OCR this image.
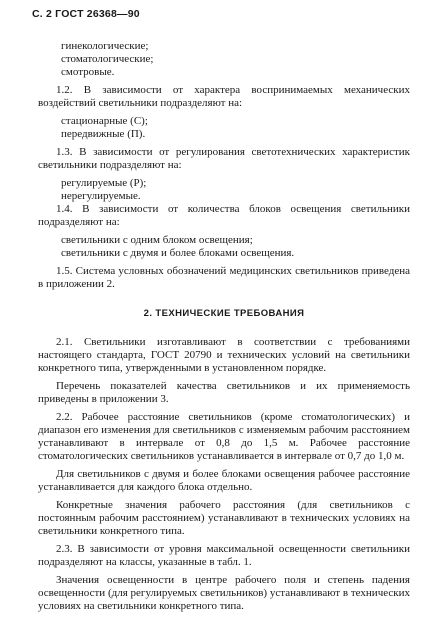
С. 2 ГОСТ 26368—90

гинекологические;

стоматологические;

смотровые.

1.2. В зависимости от характера воспринимаемых механических воздействий светильники подразделяют на:

стационарные (С);

передвижные (П).

1.3. В зависимости от регулирования светотехнических характеристик светильники подразделяют на:

регулируемые (Р);

нерегулируемые.

1.4. В зависимости от количества блоков освещения светильники подразделяют на:

светильники с одним блоком освещения;

светильники с двумя и более блоками освещения.

1.5. Система условных обозначений медицинских светильников приведена в приложении 2.

2. ТЕХНИЧЕСКИЕ ТРЕБОВАНИЯ

2.1. Светильники изготавливают в соответствии с требованиями настоящего стандарта, ГОСТ 20790 и технических условий на светильники конкретного типа, утвержденными в установленном порядке.

Перечень показателей качества светильников и их применяемость приведены в приложении 3.

2.2. Рабочее расстояние светильников (кроме стоматологических) и диапазон его изменения для светильников с изменяемым рабочим расстоянием устанавливают в интервале от 0,8 до 1,5 м. Рабочее расстояние стоматологических светильников устанавливается в интервале от 0,7 до 1,0 м.

Для светильников с двумя и более блоками освещения рабочее расстояние устанавливается для каждого блока отдельно.

Конкретные значения рабочего расстояния (для светильников с постоянным рабочим расстоянием) устанавливают в технических условиях на светильники конкретного типа.

2.3. В зависимости от уровня максимальной освещенности светильники подразделяют на классы, указанные в табл. 1.

Значения освещенности в центре рабочего поля и степень падения освещенности (для регулируемых светильников) устанавливают в технических условиях на светильники конкретного типа.
